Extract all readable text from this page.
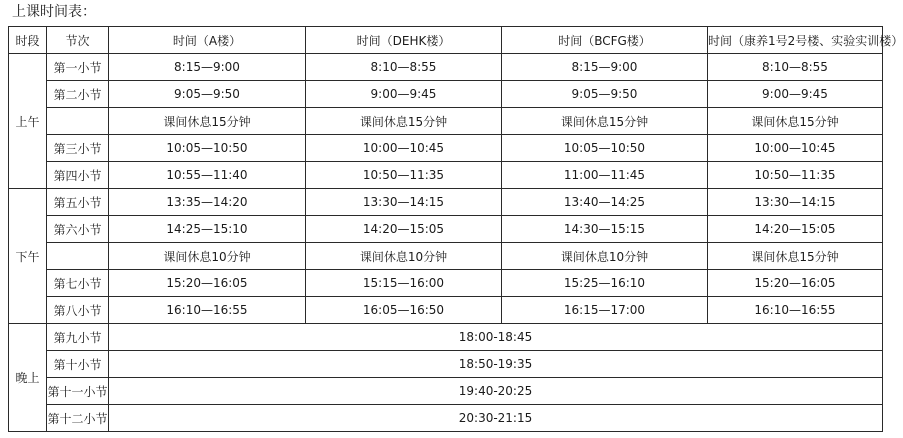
上课时间表：
时段	节次	时间（A楼）	时间（DEHK楼）	时间（BCFG楼）	时间（康养1号2号楼、实验实训楼）
上午	第一小节	8:15—9:00	8:10—8:55	8:15—9:00	8:10—8:55
	第二小节	9:05—9:50	9:00—9:45	9:05—9:50	9:00—9:45
		课间休息15分钟	课间休息15分钟	课间休息15分钟	课间休息15分钟
	第三小节	10:05—10:50	10:00—10:45	10:05—10:50	10:00—10:45
	第四小节	10:55—11:40	10:50—11:35	11:00—11:45	10:50—11:35
下午	第五小节	13:35—14:20	13:30—14:15	13:40—14:25	13:30—14:15
	第六小节	14:25—15:10	14:20—15:05	14:30—15:15	14:20—15:05
		课间休息10分钟	课间休息10分钟	课间休息10分钟	课间休息15分钟
	第七小节	15:20—16:05	15:15—16:00	15:25—16:10	15:20—16:05
	第八小节	16:10—16:55	16:05—16:50	16:15—17:00	16:10—16:55
晚上	第九小节	18:00-18:45			
	第十小节	18:50-19:35			
	第十一小节	19:40-20:25			
	第十二小节	20:30-21:15			
